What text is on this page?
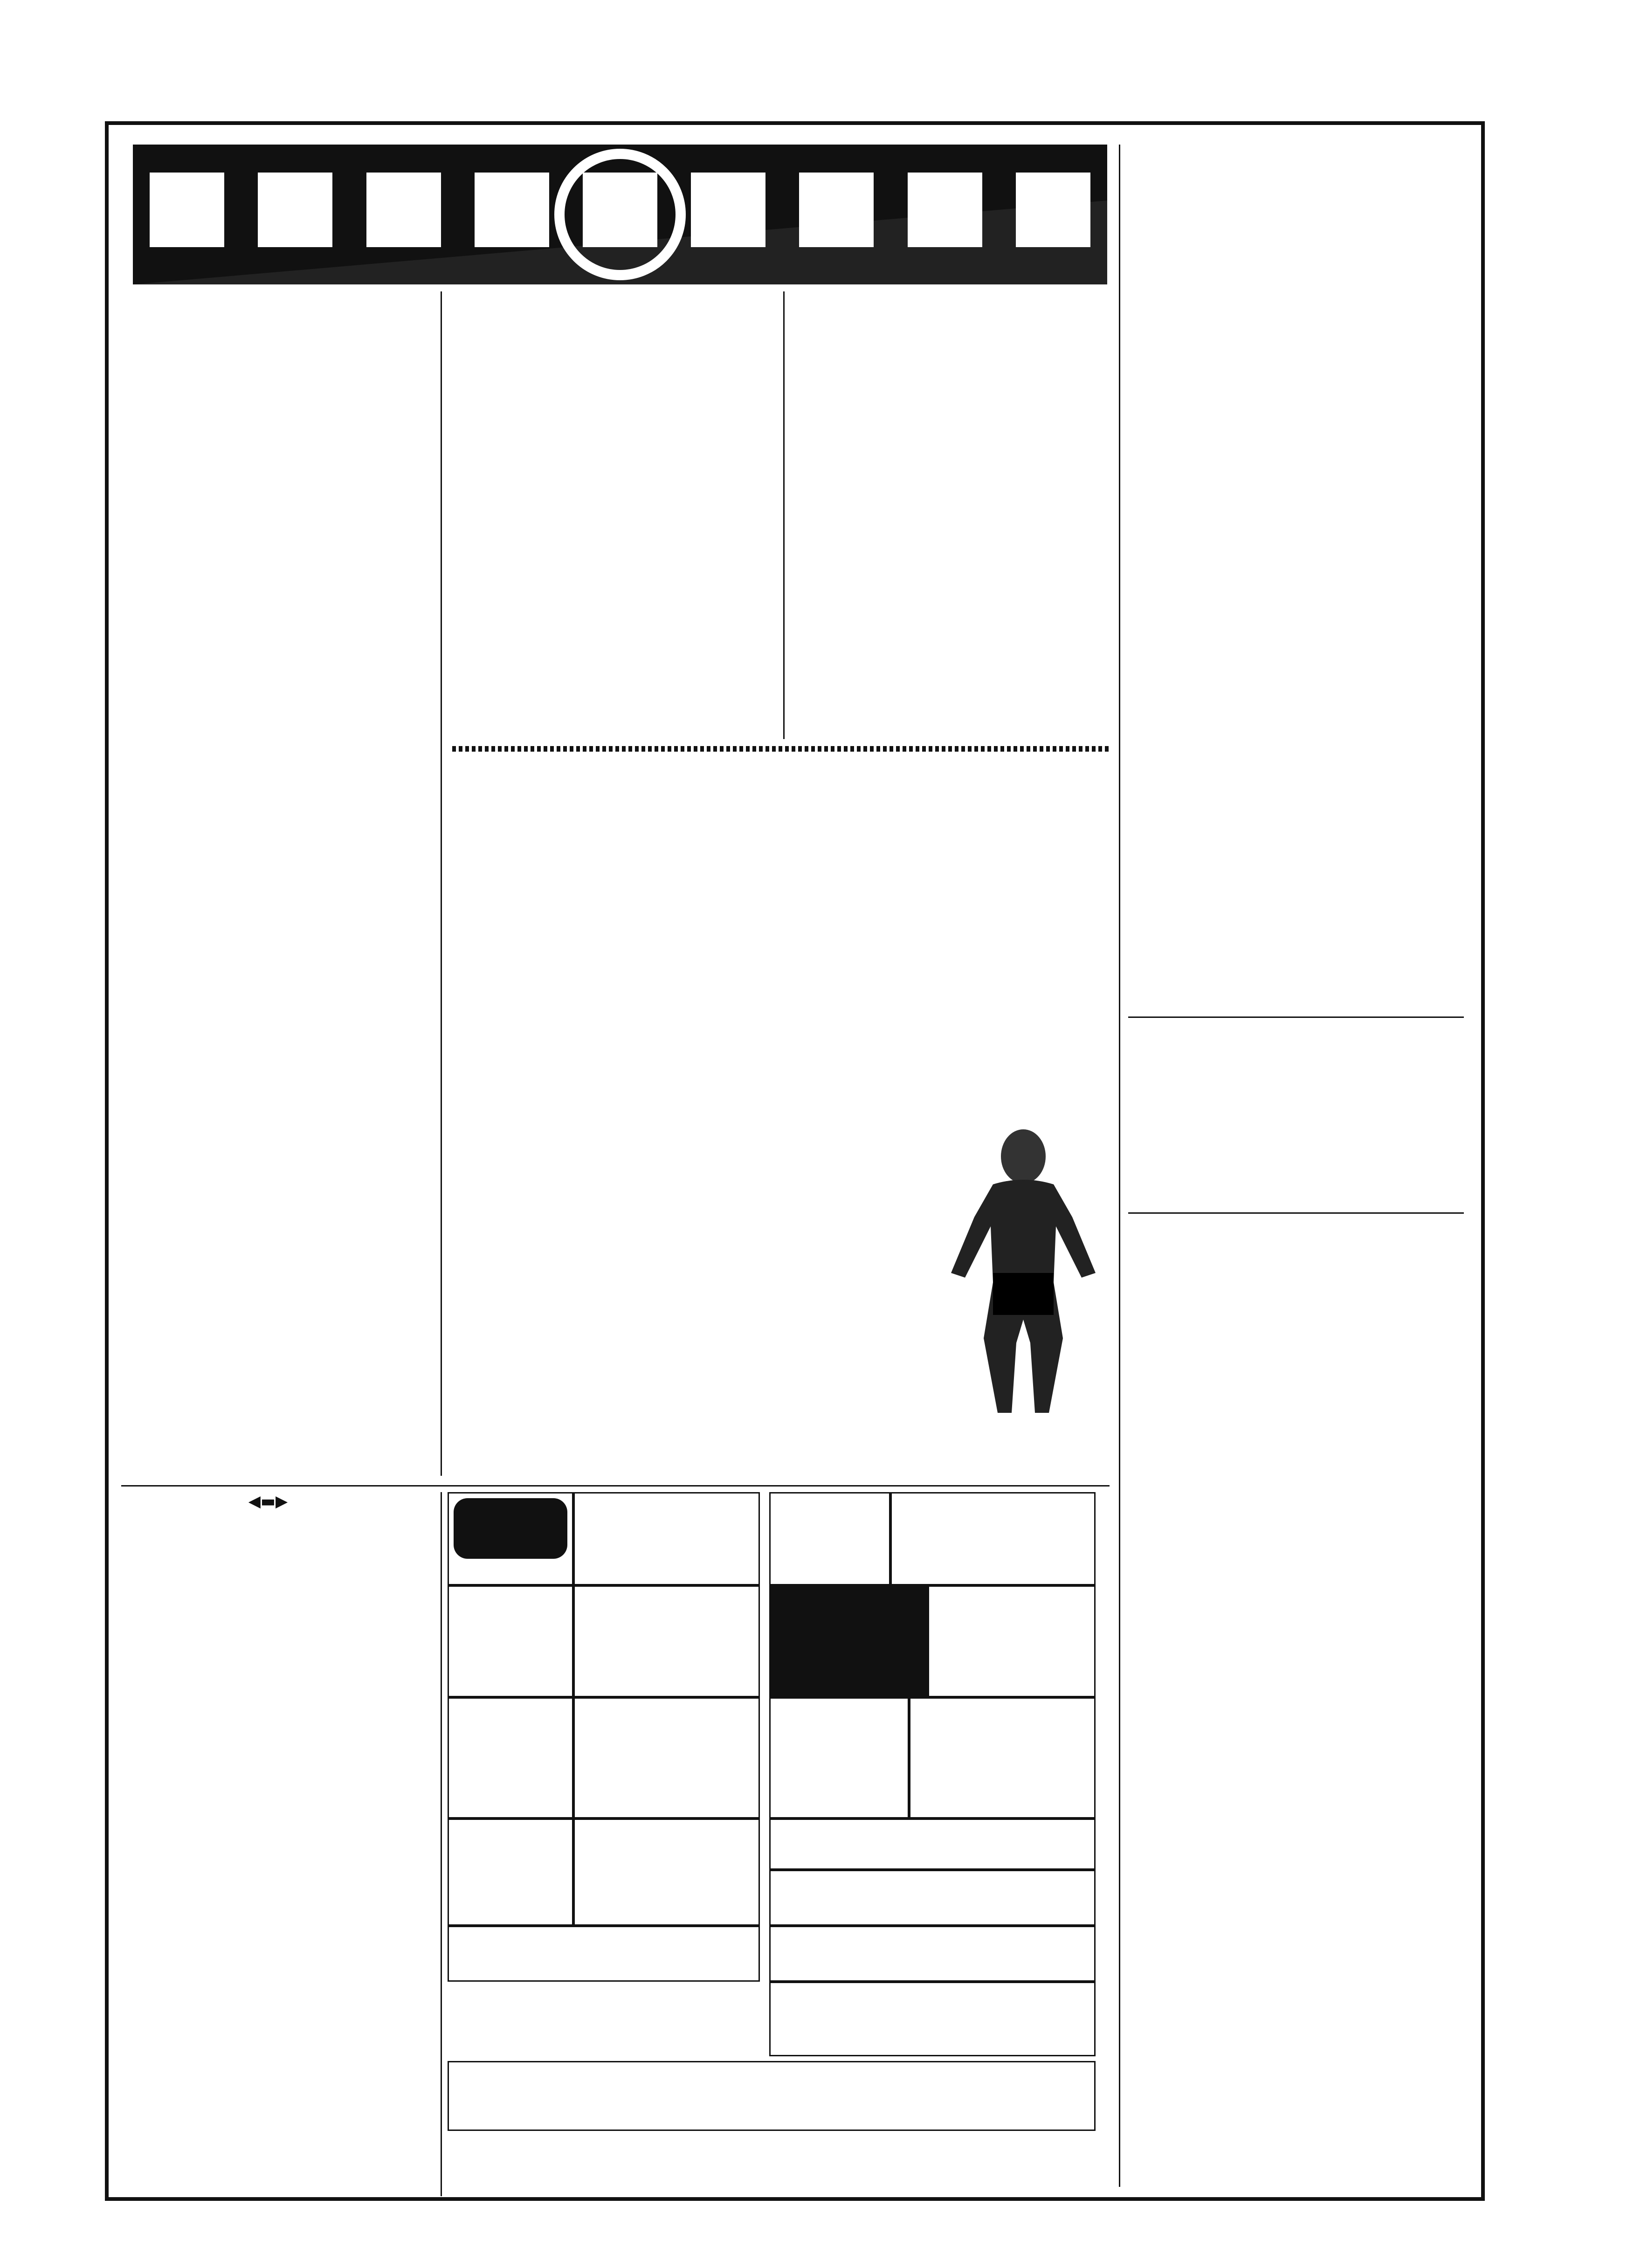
◀▬▶
